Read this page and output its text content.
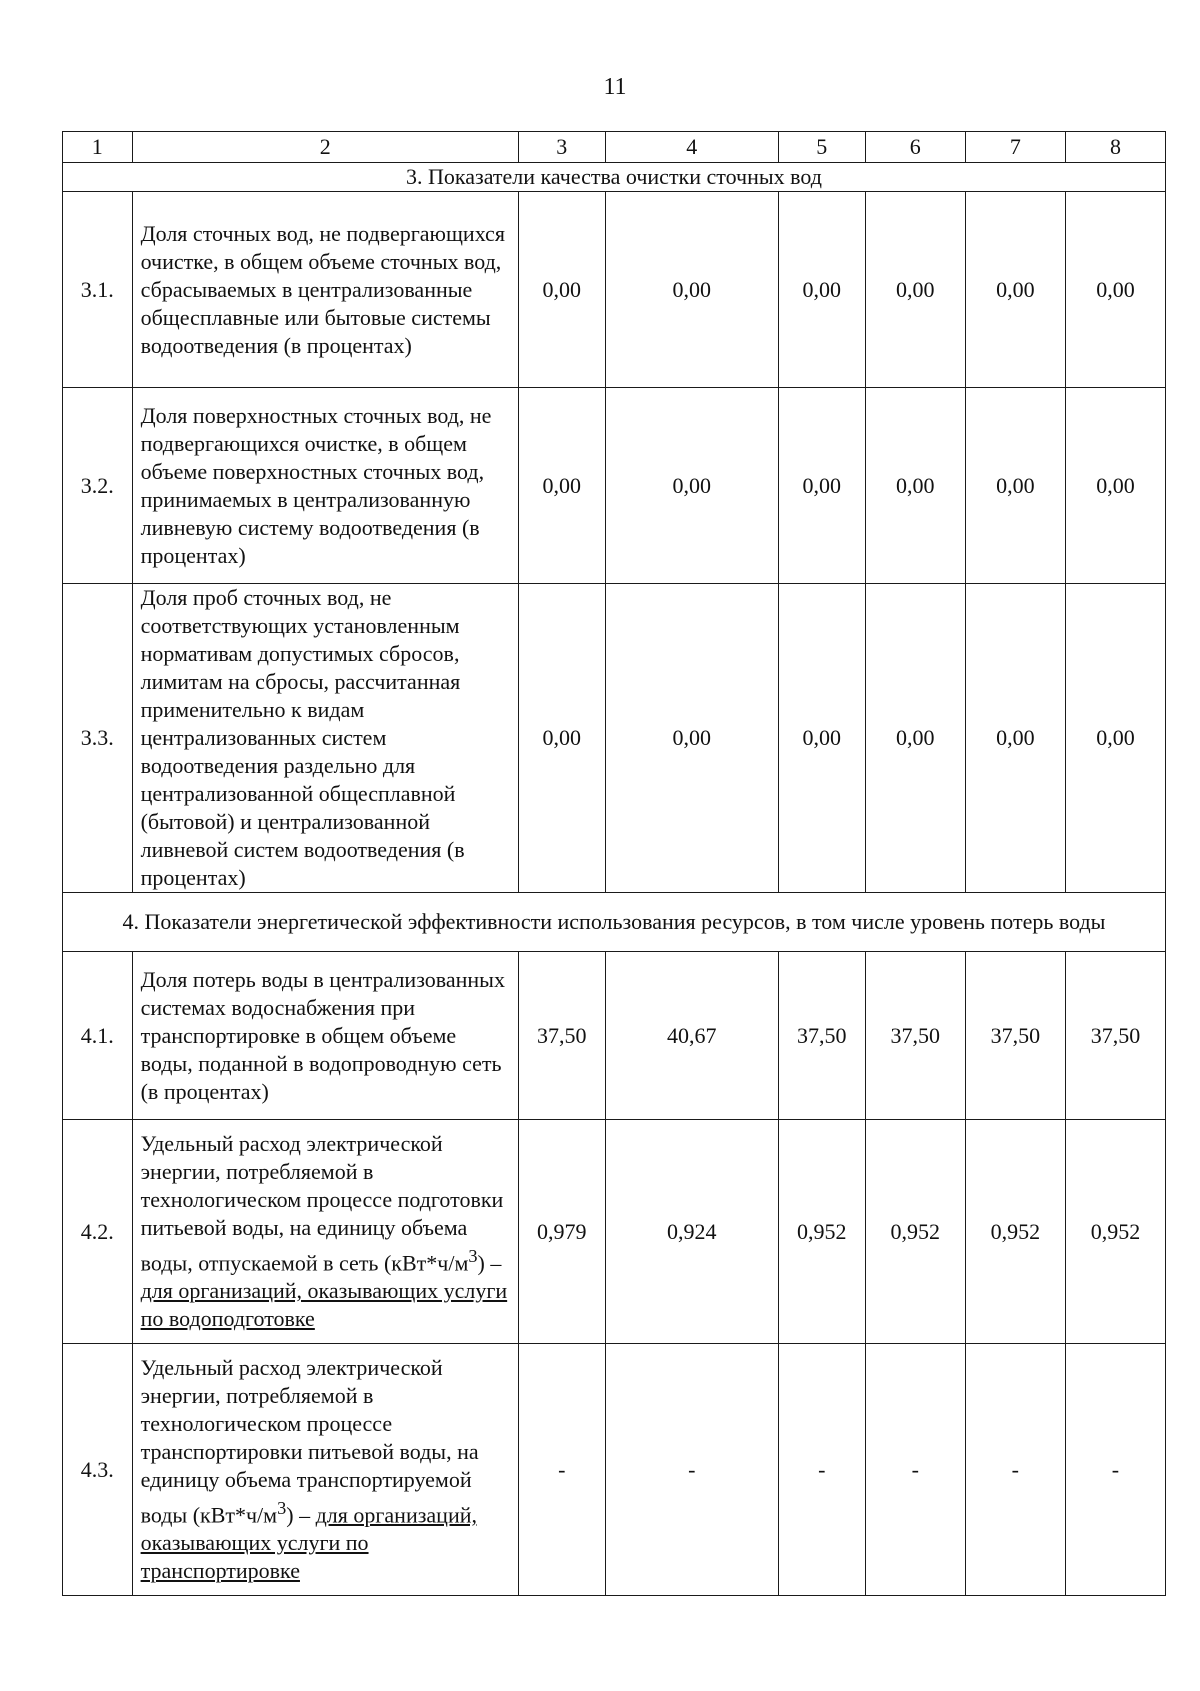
11
1	2	3	4	5	6	7	8
3. Показатели качества очистки сточных вод							
3.1.	Доля сточных вод, не подвергающихся очистке, в общем объеме сточных вод, сбрасываемых в централизованные общесплавные или бытовые системы водоотведения (в процентах)	0,00	0,00	0,00	0,00	0,00	0,00
3.2.	Доля поверхностных сточных вод, не подвергающихся очистке, в общем объеме поверхностных сточных вод, принимаемых в централизованную ливневую систему водоотведения (в процентах)	0,00	0,00	0,00	0,00	0,00	0,00
3.3.	Доля проб сточных вод, не соответствующих установленным нормативам допустимых сбросов, лимитам на сбросы, рассчитанная применительно к видам централизованных систем водоотведения раздельно для централизованной общесплавной (бытовой) и централизованной ливневой систем водоотведения (в процентах)	0,00	0,00	0,00	0,00	0,00	0,00
4. Показатели энергетической эффективности использования ресурсов, в том числе уровень потерь воды							
4.1.	Доля потерь воды в централизованных системах водоснабжения при транспортировке в общем объеме воды, поданной в водопроводную сеть (в процентах)	37,50	40,67	37,50	37,50	37,50	37,50
4.2.	Удельный расход электрической энергии, потребляемой в технологическом процессе подготовки питьевой воды, на единицу объема воды, отпускаемой в сеть $(кВт*ч/м^3)$ – для организаций, оказывающих услуги по водоподготовке	0,979	0,924	0,952	0,952	0,952	0,952
4.3.	Удельный расход электрической энергии, потребляемой в технологическом процессе транспортировки питьевой воды, на единицу объема транспортируемой воды $(кВт*ч/м^3)$ – для организаций, оказывающих услуги по транспортировке	-	-	-	-	-	-
